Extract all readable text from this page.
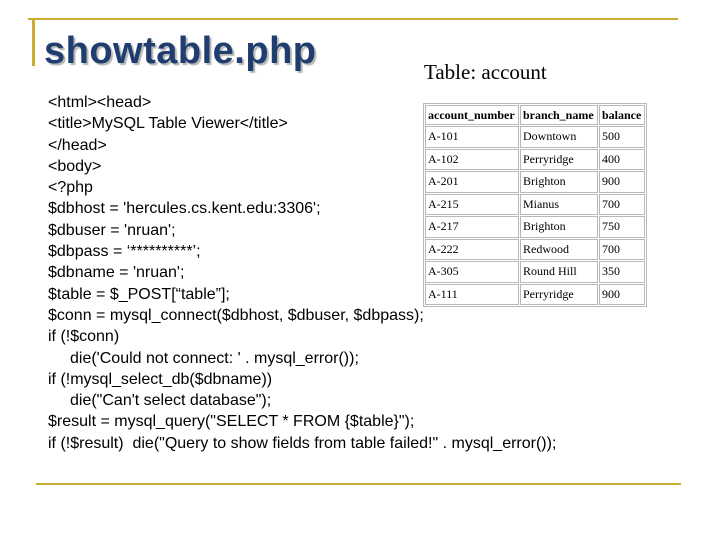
showtable.php	Table: account
account_number	branch_name	balance
A-101	Downtown	500
A-102	Perryridge	400
A-201	Brighton	900
A-215	Mianus	700
A-217	Brighton	750
A-222	Redwood	700
A-305	Round Hill	350
A-111	Perryridge	900
<html><head>
<title>MySQL Table Viewer</title>
</head>
<body>
<?php
$dbhost = 'hercules.cs.kent.edu:3306';
$dbuser = 'nruan';
$dbpass = ‘**********’;
$dbname = 'nruan';
$table = $_POST[“table”];
$conn = mysql_connect($dbhost, $dbuser, $dbpass);
if (!$conn)
die('Could not connect: ' . mysql_error());
if (!mysql_select_db($dbname))
die("Can't select database");
$result = mysql_query("SELECT * FROM {$table}");
if (!$result)  die("Query to show fields from table failed!" . mysql_error());
